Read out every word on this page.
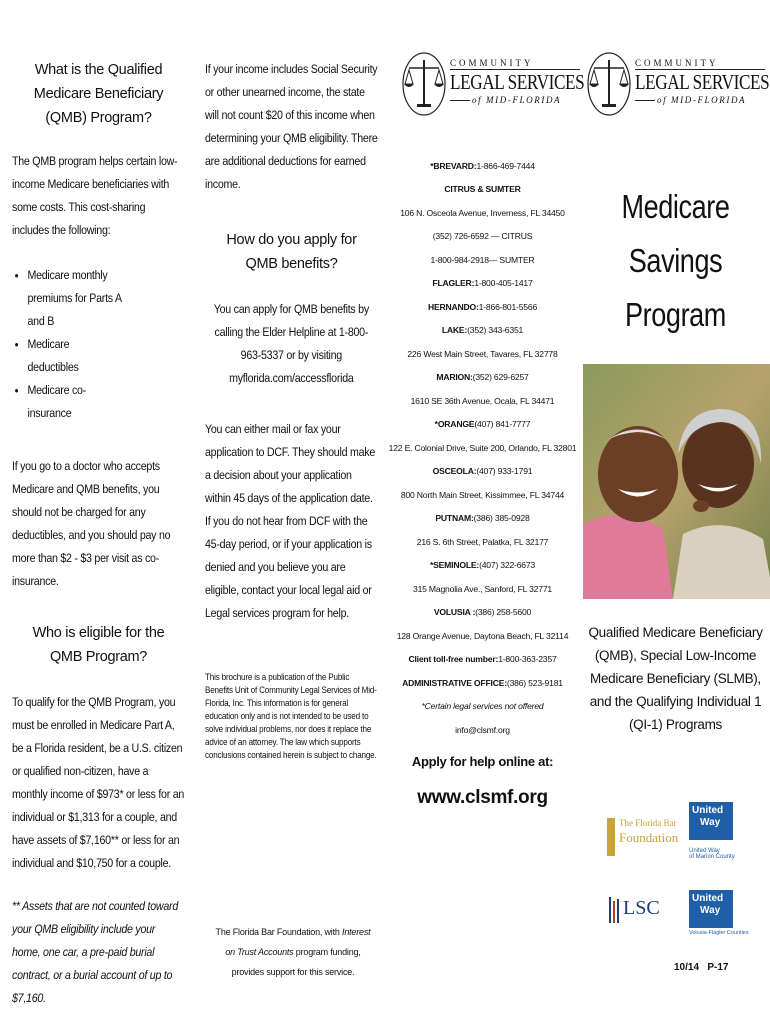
What is the Qualified Medicare Beneficiary (QMB) Program?

The QMB program helps certain low-income Medicare beneficiaries with some costs. This cost-sharing includes the following:

• Medicare monthly premiums for Parts A and B
• Medicare deductibles
• Medicare co-insurance

If you go to a doctor who accepts Medicare and QMB benefits, you should not be charged for any deductibles, and you should pay no more than $2 - $3 per visit as co-insurance.

Who is eligible for the QMB Program?

To qualify for the QMB Program, you must be enrolled in Medicare Part A, be a Florida resident, be a U.S. citizen or qualified non-citizen, have a monthly income of $973* or less for an individual or $1,313 for a couple, and have assets of $7,160** or less for an individual and $10,750 for a couple.

** Assets that are not counted toward your QMB eligibility include your home, one car, a pre-paid burial contract, or a burial account of up to $7,160.

If your income includes Social Security or other unearned income, the state will not count $20 of this income when determining your QMB eligibility. There are additional deductions for earned income.

How do you apply for QMB benefits?

You can apply for QMB benefits by calling the Elder Helpline at 1-800-963-5337 or by visiting myflorida.com/accessflorida

You can either mail or fax your application to DCF. They should make a decision about your application within 45 days of the application date. If you do not hear from DCF with the 45-day period, or if your application is denied and you believe you are eligible, contact your local legal aid or Legal services program for help.

This brochure is a publication of the Public Benefits Unit of Community Legal Services of Mid-Florida, Inc. This information is for general education only and is not intended to be used to solve individual problems, nor does it replace the advice of an attorney. The law which supports conclusions contained herein is subject to change.

The Florida Bar Foundation, with Interest on Trust Accounts program funding, provides support for this service.

COMMUNITY
LEGAL SERVICES
of MID-FLORIDA
*BREVARD: 1-866-469-7444
CITRUS & SUMTER
106 N. Osceola Avenue, Inverness, FL 34450
(352) 726-6592 — CITRUS
1-800-984-2918— SUMTER
FLAGLER: 1-800-405-1417
HERNANDO: 1-866-801-5566
LAKE: (352) 343-6351
226 West Main Street, Tavares, FL 32778
MARION: (352) 629-6257
1610 SE 36th Avenue, Ocala, FL 34471
*ORANGE (407) 841-7777
122 E. Colonial Drive, Suite 200, Orlando, FL 32801
OSCEOLA: (407) 933-1791
800 North Main Street, Kissimmee, FL 34744
PUTNAM: (386) 385-0928
216 S. 6th Street, Palatka, FL 32177
*SEMINOLE: (407) 322-6673
315 Magnolia Ave., Sanford, FL 32771
VOLUSIA : (386) 258-5600
128 Orange Avenue, Daytona Beach, FL 32114
Client toll-free number: 1-800-363-2357
ADMINISTRATIVE OFFICE: (386) 523-9181
*Certain legal services not offered
info@clsmf.org
Apply for help online at:
www.clsmf.org
COMMUNITY
LEGAL SERVICES
of MID-FLORIDA
Medicare
Savings
Program
Qualified Medicare Beneficiary (QMB), Special Low-Income Medicare Beneficiary (SLMB), and the Qualifying Individual 1 (QI-1) Programs
The Florida Bar
Foundation
United
Way
United Way
of Marion County
LSC	United
Way
Volusia-Flagler Counties
10/14   P-17
